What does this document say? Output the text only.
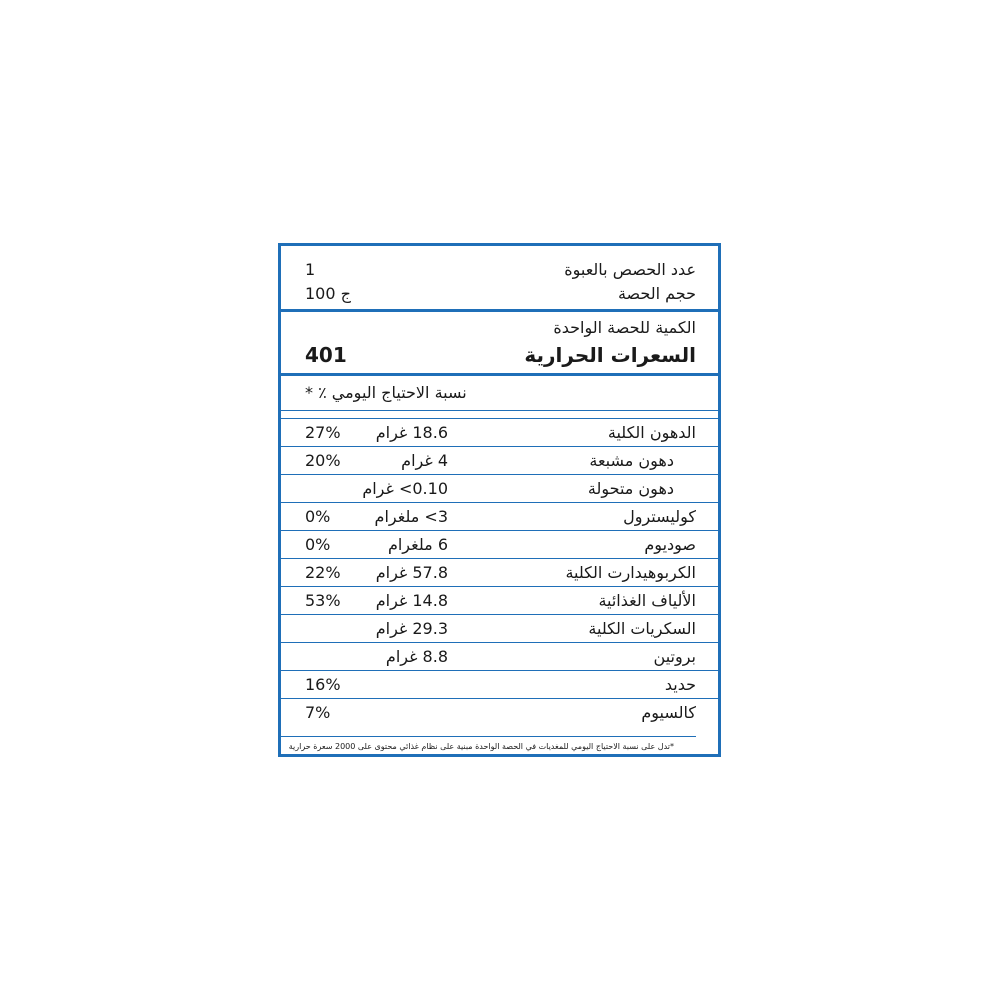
عدد الحصص بالعبوة
1
حجم الحصة
100 ج
الكمية للحصة الواحدة
السعرات الحرارية
401
نسبة الاحتياج اليومي ٪ *
الدهون الكلية
18.6 غرام
27%
دهون مشبعة
4 غرام
20%
دهون متحولة
0.10> غرام
كوليسترول
3> ملغرام
0%
صوديوم
6 ملغرام
0%
الكربوهيدارت الكلية
57.8 غرام
22%
الألياف الغذائية
14.8 غرام
53%
السكريات الكلية
29.3 غرام
بروتين
8.8 غرام
حديد
16%
كالسيوم
7%
*تدل على نسبة الاحتياج اليومي للمغديات في الحصة الواحدة مبنية على نظام غذائي محتوى على 2000 سعرة حرارية
